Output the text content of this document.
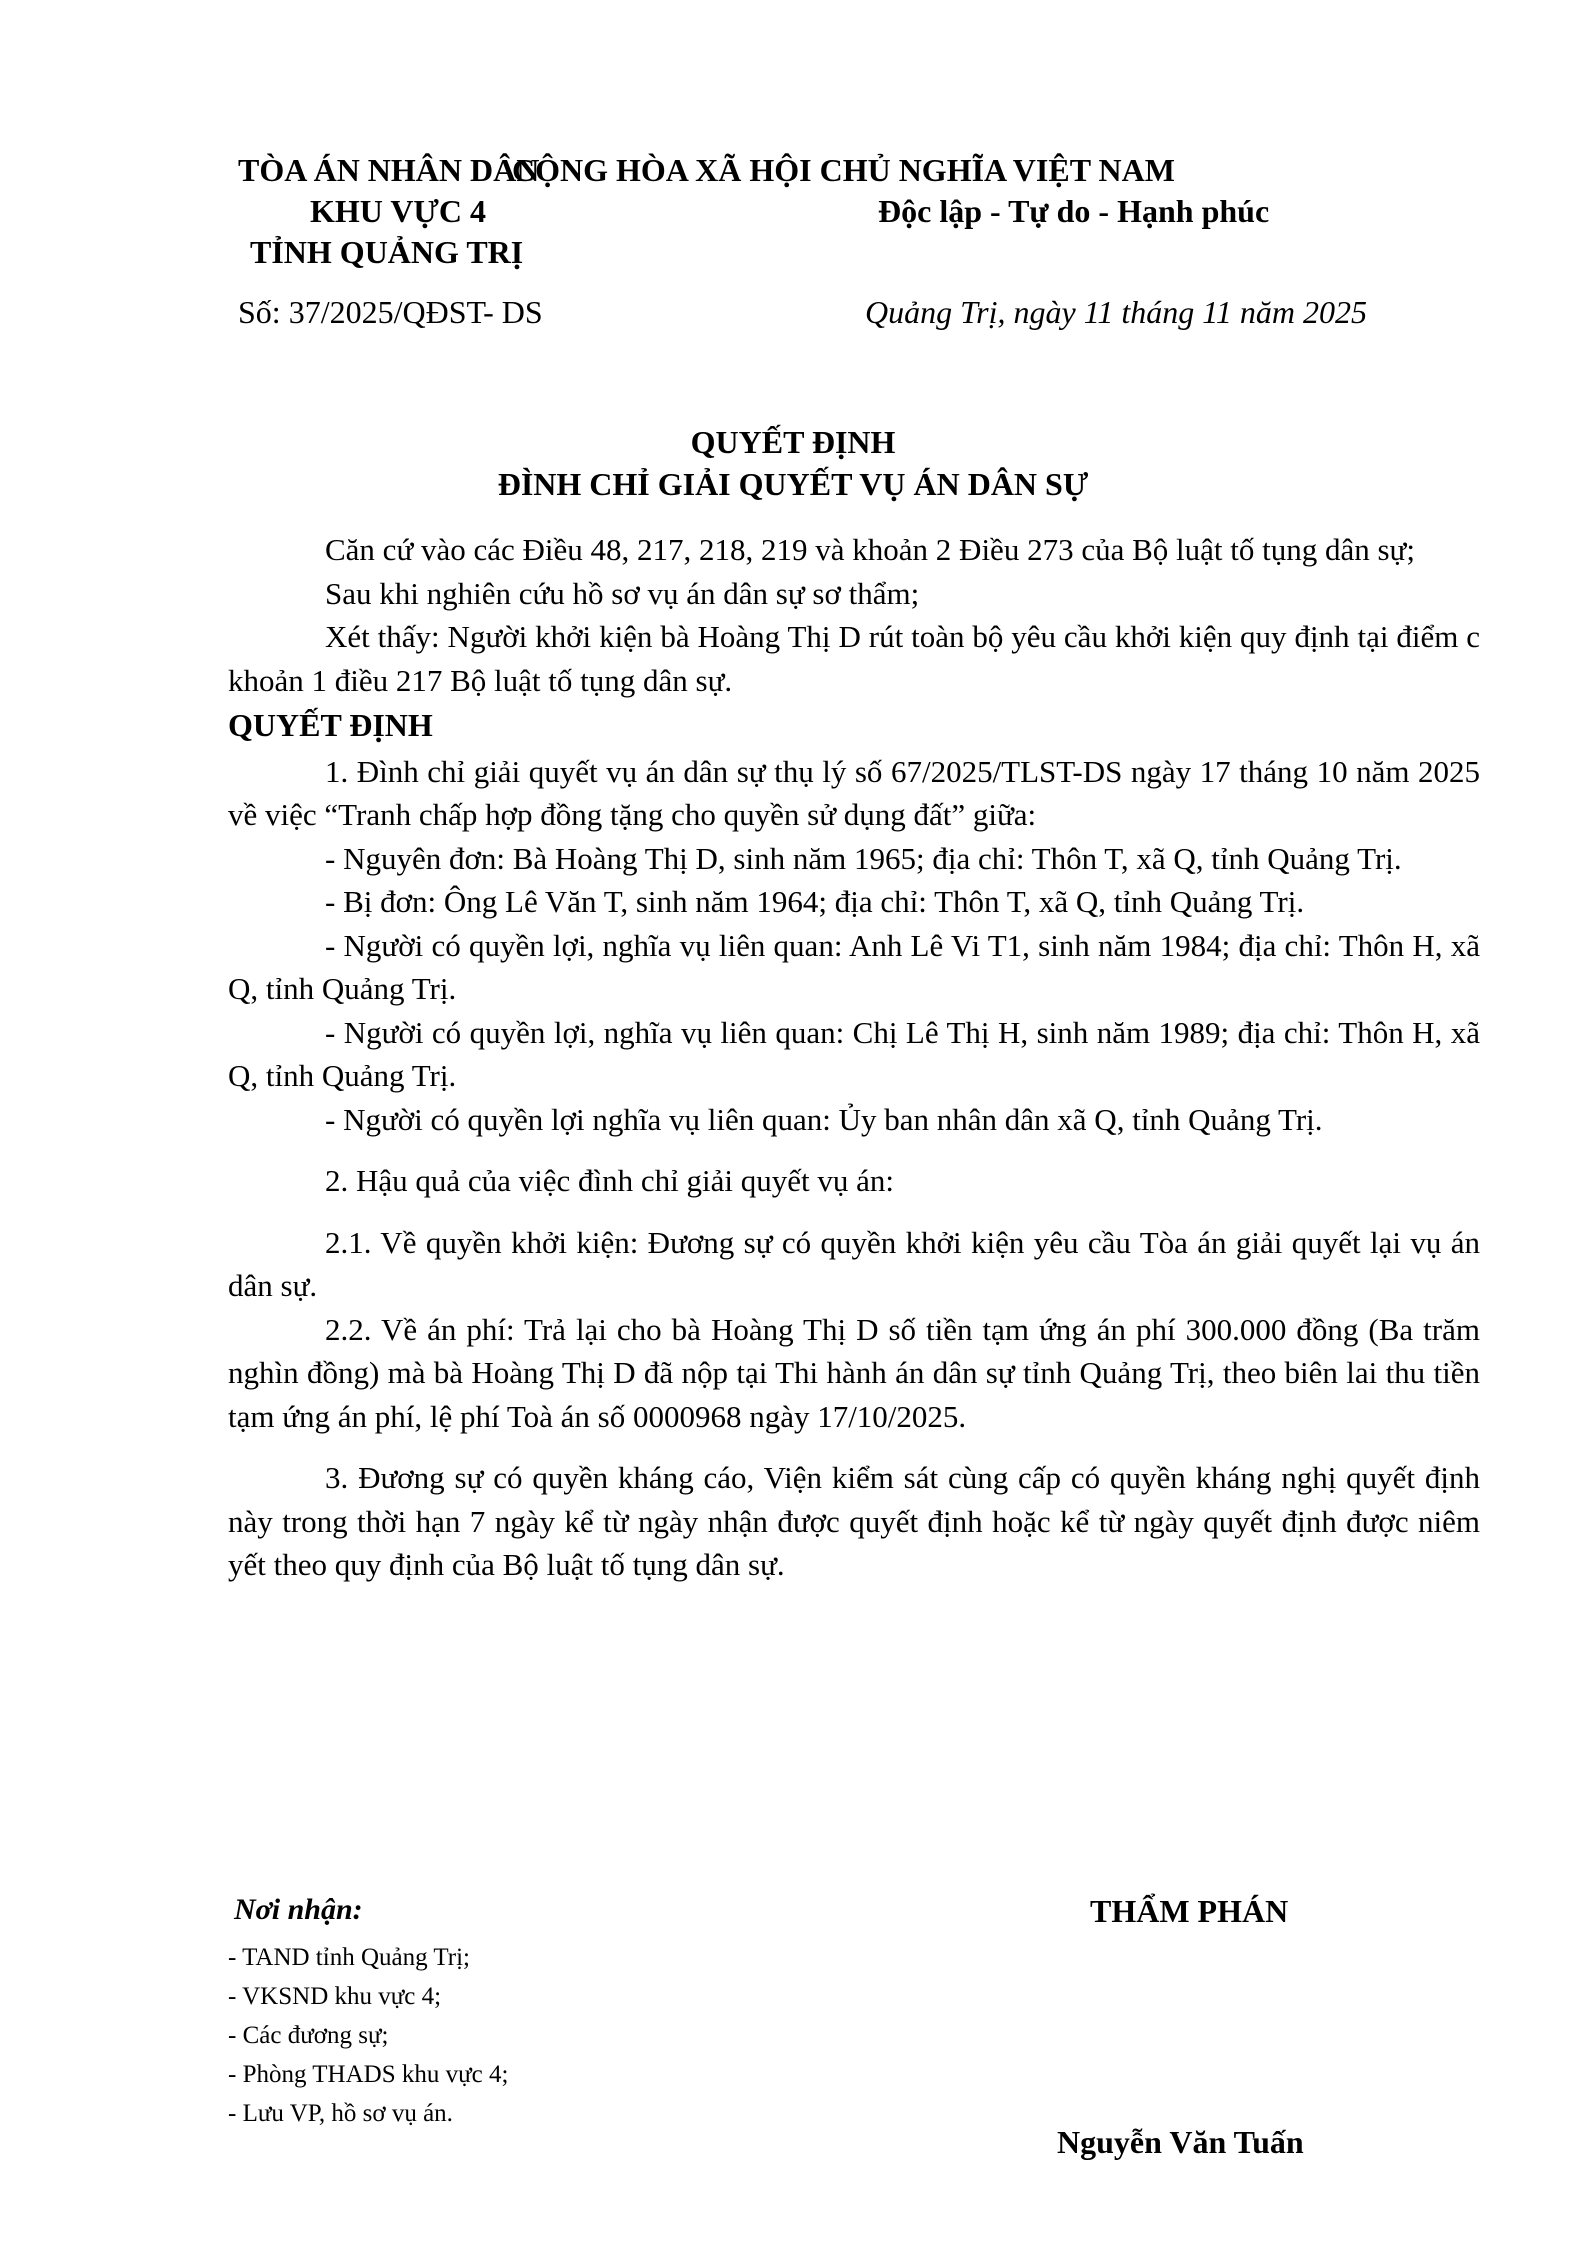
TÒA ÁN NHÂN DÂN
CỘNG HÒA XÃ HỘI CHỦ NGHĨA VIỆT NAM
KHU VỰC 4	Độc lập - Tự do - Hạnh phúc
TỈNH QUẢNG TRỊ
Số: 37/2025/QĐST- DS	Quảng Trị, ngày 11 tháng 11 năm 2025
QUYẾT ĐỊNH
ĐÌNH CHỈ GIẢI QUYẾT VỤ ÁN DÂN SỰ

Căn cứ vào các Điều 48, 217, 218, 219 và khoản 2 Điều 273 của Bộ luật tố tụng dân sự;

Sau khi nghiên cứu hồ sơ vụ án dân sự sơ thẩm;

Xét thấy: Người khởi kiện bà Hoàng Thị D rút toàn bộ yêu cầu khởi kiện quy định tại điểm c khoản 1 điều 217 Bộ luật tố tụng dân sự.

QUYẾT ĐỊNH

1. Đình chỉ giải quyết vụ án dân sự thụ lý số 67/2025/TLST-DS ngày 17 tháng 10 năm 2025 về việc “Tranh chấp hợp đồng tặng cho quyền sử dụng đất” giữa:

- Nguyên đơn: Bà Hoàng Thị D, sinh năm 1965; địa chỉ: Thôn T, xã Q, tỉnh Quảng Trị.

- Bị đơn: Ông Lê Văn T, sinh năm 1964; địa chỉ: Thôn T, xã Q, tỉnh Quảng Trị.

- Người có quyền lợi, nghĩa vụ liên quan: Anh Lê Vi T1, sinh năm 1984; địa chỉ: Thôn H, xã Q, tỉnh Quảng Trị.

- Người có quyền lợi, nghĩa vụ liên quan: Chị Lê Thị H, sinh năm 1989; địa chỉ: Thôn H, xã Q, tỉnh Quảng Trị.

- Người có quyền lợi nghĩa vụ liên quan: Ủy ban nhân dân xã Q, tỉnh Quảng Trị.

2. Hậu quả của việc đình chỉ giải quyết vụ án:

2.1. Về quyền khởi kiện: Đương sự có quyền khởi kiện yêu cầu Tòa án giải quyết lại vụ án dân sự.

2.2. Về án phí: Trả lại cho bà Hoàng Thị D số tiền tạm ứng án phí 300.000 đồng (Ba trăm nghìn đồng) mà bà Hoàng Thị D đã nộp tại Thi hành án dân sự tỉnh Quảng Trị, theo biên lai thu tiền tạm ứng án phí, lệ phí Toà án số 0000968 ngày 17/10/2025.

3. Đương sự có quyền kháng cáo, Viện kiểm sát cùng cấp có quyền kháng nghị quyết định này trong thời hạn 7 ngày kể từ ngày nhận được quyết định hoặc kể từ ngày quyết định được niêm yết theo quy định của Bộ luật tố tụng dân sự.

Nơi nhận:
- TAND tỉnh Quảng Trị;
- VKSND khu vực 4;
- Các đương sự;
- Phòng THADS khu vực 4;
- Lưu VP, hồ sơ vụ án.
THẨM PHÁN
Nguyễn Văn Tuấn
